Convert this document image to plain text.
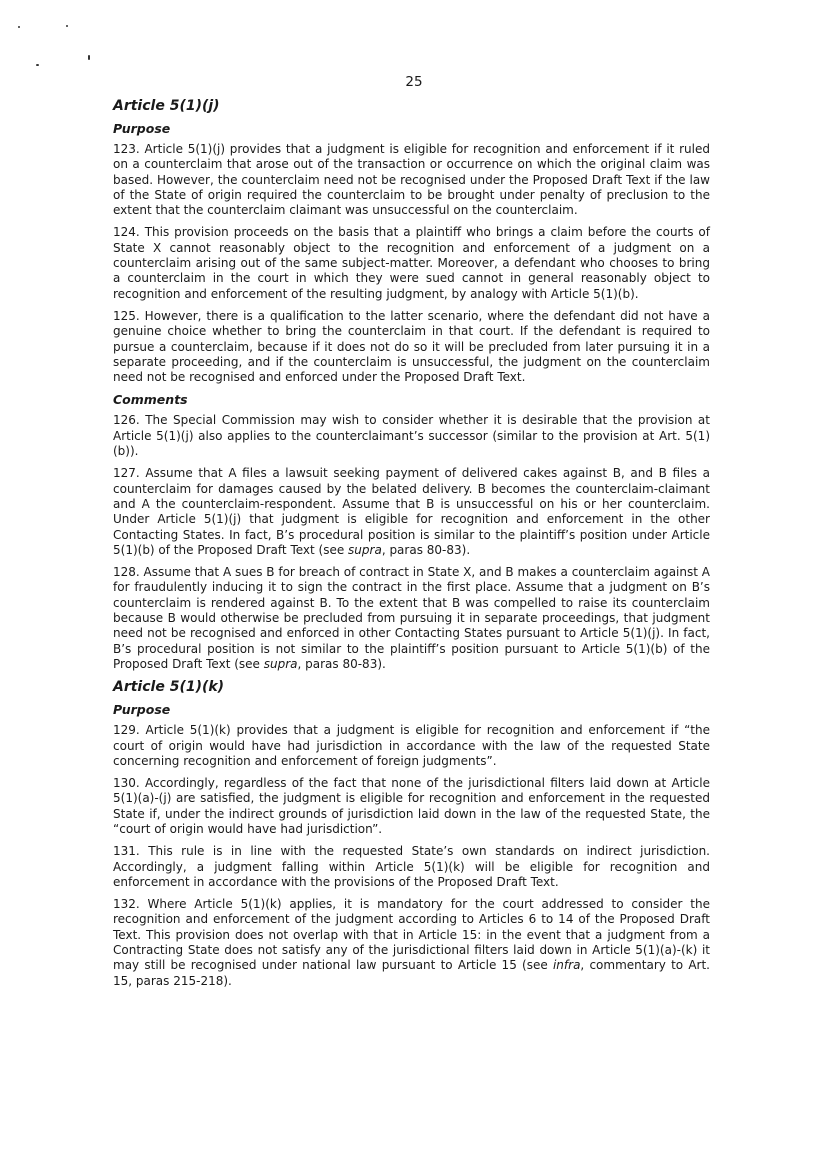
25
Article 5(1)(j)
Purpose

123. Article 5(1)(j) provides that a judgment is eligible for recognition and enforcement if it ruled on a counterclaim that arose out of the transaction or occurrence on which the original claim was based. However, the counterclaim need not be recognised under the Proposed Draft Text if the law of the State of origin required the counterclaim to be brought under penalty of preclusion to the extent that the counterclaim claimant was unsuccessful on the counterclaim.

124. This provision proceeds on the basis that a plaintiff who brings a claim before the courts of State X cannot reasonably object to the recognition and enforcement of a judgment on a counterclaim arising out of the same subject-matter. Moreover, a defendant who chooses to bring a counterclaim in the court in which they were sued cannot in general reasonably object to recognition and enforcement of the resulting judgment, by analogy with Article 5(1)(b).

125. However, there is a qualification to the latter scenario, where the defendant did not have a genuine choice whether to bring the counterclaim in that court. If the defendant is required to pursue a counterclaim, because if it does not do so it will be precluded from later pursuing it in a separate proceeding, and if the counterclaim is unsuccessful, the judgment on the counterclaim need not be recognised and enforced under the Proposed Draft Text.

Comments

126. The Special Commission may wish to consider whether it is desirable that the provision at Article 5(1)(j) also applies to the counterclaimant’s successor (similar to the provision at Art. 5(1)(b)).

127. Assume that A files a lawsuit seeking payment of delivered cakes against B, and B files a counterclaim for damages caused by the belated delivery. B becomes the counterclaim-claimant and A the counterclaim-respondent. Assume that B is unsuccessful on his or her counterclaim. Under Article 5(1)(j) that judgment is eligible for recognition and enforcement in the other Contacting States. In fact, B’s procedural position is similar to the plaintiff’s position under Article 5(1)(b) of the Proposed Draft Text (see supra, paras 80-83).

128. Assume that A sues B for breach of contract in State X, and B makes a counterclaim against A for fraudulently inducing it to sign the contract in the first place. Assume that a judgment on B’s counterclaim is rendered against B. To the extent that B was compelled to raise its counterclaim because B would otherwise be precluded from pursuing it in separate proceedings, that judgment need not be recognised and enforced in other Contacting States pursuant to Article 5(1)(j). In fact, B’s procedural position is not similar to the plaintiff’s position pursuant to Article 5(1)(b) of the Proposed Draft Text (see supra, paras 80-83).

Article 5(1)(k)
Purpose

129. Article 5(1)(k) provides that a judgment is eligible for recognition and enforcement if “the court of origin would have had jurisdiction in accordance with the law of the requested State concerning recognition and enforcement of foreign judgments”.

130. Accordingly, regardless of the fact that none of the jurisdictional filters laid down at Article 5(1)(a)-(j) are satisfied, the judgment is eligible for recognition and enforcement in the requested State if, under the indirect grounds of jurisdiction laid down in the law of the requested State, the “court of origin would have had jurisdiction”.

131. This rule is in line with the requested State’s own standards on indirect jurisdiction. Accordingly, a judgment falling within Article 5(1)(k) will be eligible for recognition and enforcement in accordance with the provisions of the Proposed Draft Text.

132. Where Article 5(1)(k) applies, it is mandatory for the court addressed to consider the recognition and enforcement of the judgment according to Articles 6 to 14 of the Proposed Draft Text. This provision does not overlap with that in Article 15: in the event that a judgment from a Contracting State does not satisfy any of the jurisdictional filters laid down in Article 5(1)(a)-(k) it may still be recognised under national law pursuant to Article 15 (see infra, commentary to Art. 15, paras 215-218).
